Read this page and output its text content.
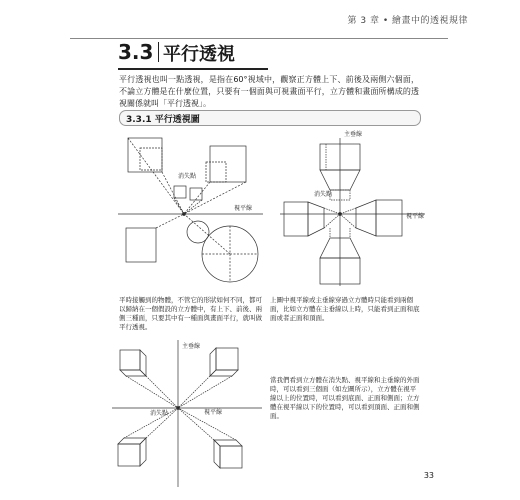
第 3 章 • 繪畫中的透視規律
3.3 平行透視
平行透視也叫一點透視，是指在60°視域中，觀察正方體上下、前後及兩側六個面，不論立方體是在什麼位置，只要有一個面與可視畫面平行，立方體和畫面所構成的透視關係就叫「平行透視」。
3.3.1 平行透視圖
消失點
視平線
主垂線
消失點
視平線
平時接觸到的物體，不管它的形狀如何不同，都可以歸納在一個假設的立方體中，有上下、前後、兩側三種面，只要其中有一種面與畫面平行，就叫做平行透視。
上圖中視平線或主垂線穿過立方體時只能看到兩個面，比如立方體在主垂線以上時，只能看到正面和底面或者正面和頂面。
主垂線
消失點	視平線
當我們看到立方體在消失點、視平線和主垂線的外面時，可以看到三個面（如左圖所示），立方體在視平線以上的位置時，可以看到底面、正面和側面；立方體在視平線以下的位置時，可以看到頂面、正面和側面。
33
